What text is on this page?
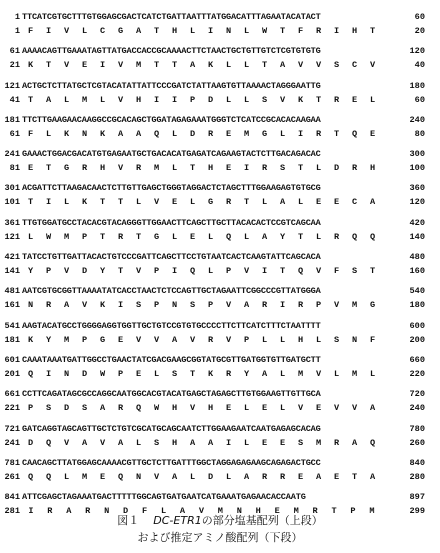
1 TTCATCGTGCTTTGTGGAGCGACTCATCTGATTAATTTATGGACATTTAGAATACATACT	60
1 F I V L C G A T H L I N L W T F R I H T	20
61 AAAACAGTTGAAATAGTTATGACCACCGCAAAACTTCTAACTGCTGTTGTCTCGTGTGTG	120
21 K T V E I V M T T A K L L T A V V S C V	40
121 ACTGCTCTTATGCTCGTACATATTATTCCCGATCTATTAAGTGTTAAAACTAGGGAATTG	180
41 T A L M L V H I I P D L L S V K T R E L	60
181 TTCTTGAAGAACAAGGCCGCACAGCTGGATAGAGAAATGGGTCTCATCCGCACACAAGAA	240
61 F L K N K A A Q L D R E M G L I R T Q E	80
241 GAAACTGGACGACATGTGAGAATGCTGACACATGAGATCAGAAGTACTCTTGACAGACAC	300
81 E T G R H V R M L T H E I R S T L D R H	100
301 ACGATTCTTAAGACAACTCTTGTTGAGCTGGGTAGGACTCTAGCTTTGGAAGAGTGTGCG	360
101 T I L K T T L V E L G R T L A L E E C A	120
361 TTGTGGATGCCTACACGTACAGGGTTGGAACTTCAGCTTGCTTACACACTCCGTCAGCAA	420
121 L W M P T R T G L E L Q L A Y T L R Q Q	140
421 TATCCTGTTGATTACACTGTCCCGATTCAGCTTCCTGTAATCACTCAAGTATTCAGCACA	480
141 Y P V D Y T V P I Q L P V I T Q V F S T	160
481 AATCGTGCGGTTAAAATATCACCTAACTCTCCAGTTGCTAGAATTCGGCCCGTTATGGGA	540
161 N R A V K I S P N S P V A R I R P V M G	180
541 AAGTACATGCCTGGGGAGGTGGTTGCTGTCCGTGTGCCCCTTCTTCATCTTTCTAATTTT	600
181 K Y M P G E V V A V R V P L L H L S N F	200
601 CAAATAAATGATTGGCCTGAACTATCGACGAAGCGGTATGCGTTGATGGTGTTGATGCTT	660
201 Q I N D W P E L S T K R Y A L M V L M L	220
661 CCTTCAGATAGCGCCAGGCAATGGCACGTACATGAGCTAGAGCTTGTGGAAGTTGTTGCA	720
221 P S D S A R Q W H V H E L E L V E V V A	240
721 GATCAGGTAGCAGTTGCTCTGTCGCATGCAGCAATCTTGGAAGAATCAATGAGAGCACAG	780
241 D Q V A V A L S H A A I L E E S M R A Q	260
781 CAACAGCTTATGGAGCAAAACGTTGCTCTTGATTTGGCTAGGAGAGAAGCAGAGACTGCC	840
261 Q Q L M E Q N V A L D L A R R E A E T A	280
841 ATTCGAGCTAGAAATGACTTTTTGGCAGTGATGAATCATGAAATGAGAACACCAATG	897
281 I R A R N D F L A V M N H E M R T P M	299
図１ DC-ETR1の部分塩基配列（上段）
および推定アミノ酸配列（下段）
